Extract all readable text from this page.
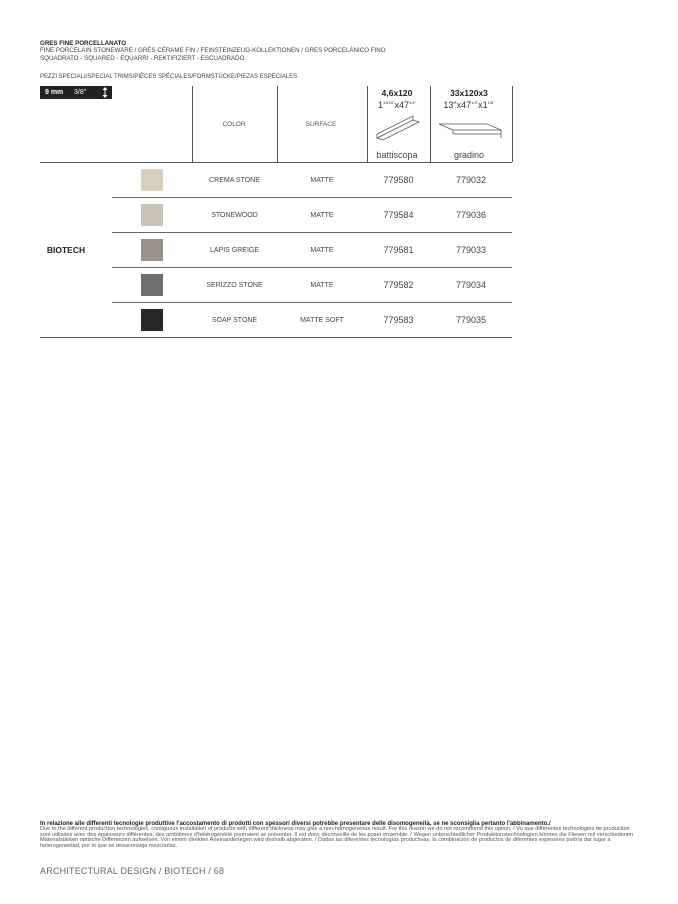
GRES FINE PORCELLANATO
FINE PORCELAIN STONEWARE / GRÈS CÉRAME FIN / FEINSTEINZEUG-KOLLEKTIONEN / GRES PORCELÁNICO FINO
SQUADRATO - SQUARED - EQUARRI - REKTIFIZIERT - ESCUADRADO
PEZZI SPECIALI/SPECIAL TRIMS/PIÈCES SPÉCIALES/FORMSTÜCKE/PIEZAS ESPECIALES
9 mm 3/8"
COLOR	SURFACE
4,6x120
$1^{13/16"}x47^{1/4"}$
battiscopa
33x120x3
$13"x47^{1/4"}x1^{1/8"}$
gradino
BIOTECH
CREMA STONE	MATTE	779580	779032
STONEWOOD	MATTE	779584	779036
LAPIS GREIGE	MATTE	779581	779033
SERIZZO STONE	MATTE	779582	779034
SOAP STONE	MATTE SOFT	779583	779035
In relazione alle differenti tecnologie produttive l'accostamento di prodotti con spessori diversi potrebbe presentare delle disomogeneità, se ne sconsiglia pertanto l'abbinamento./
Due to the different production technologies, contiguous installation of products with different thickness may give a non-homogeneous result. For this reason we do not recommend this option. / Vu que différentes technologies de production sont utilisées avec des épaisseurs différentes, des problèmes d'hétérogénéité pourraient se présenter. Il est donc déconseillé de les poser ensemble. / Wegen unterschiedlicher Produktionstechnologien können die Fliesen mit verschiedenen Materialstärken optische Differenzen aufweisen. Von einem direkten Aneinanderlegen wird deshalb abgeraten. / Dadas las diferentes tecnologías productivas, la combinación de productos de diferentes espesores podría dar lugar a heterogeneidad, por lo que se desaconseja mezclarlas.
ARCHITECTURAL DESIGN / BIOTECH / 68
